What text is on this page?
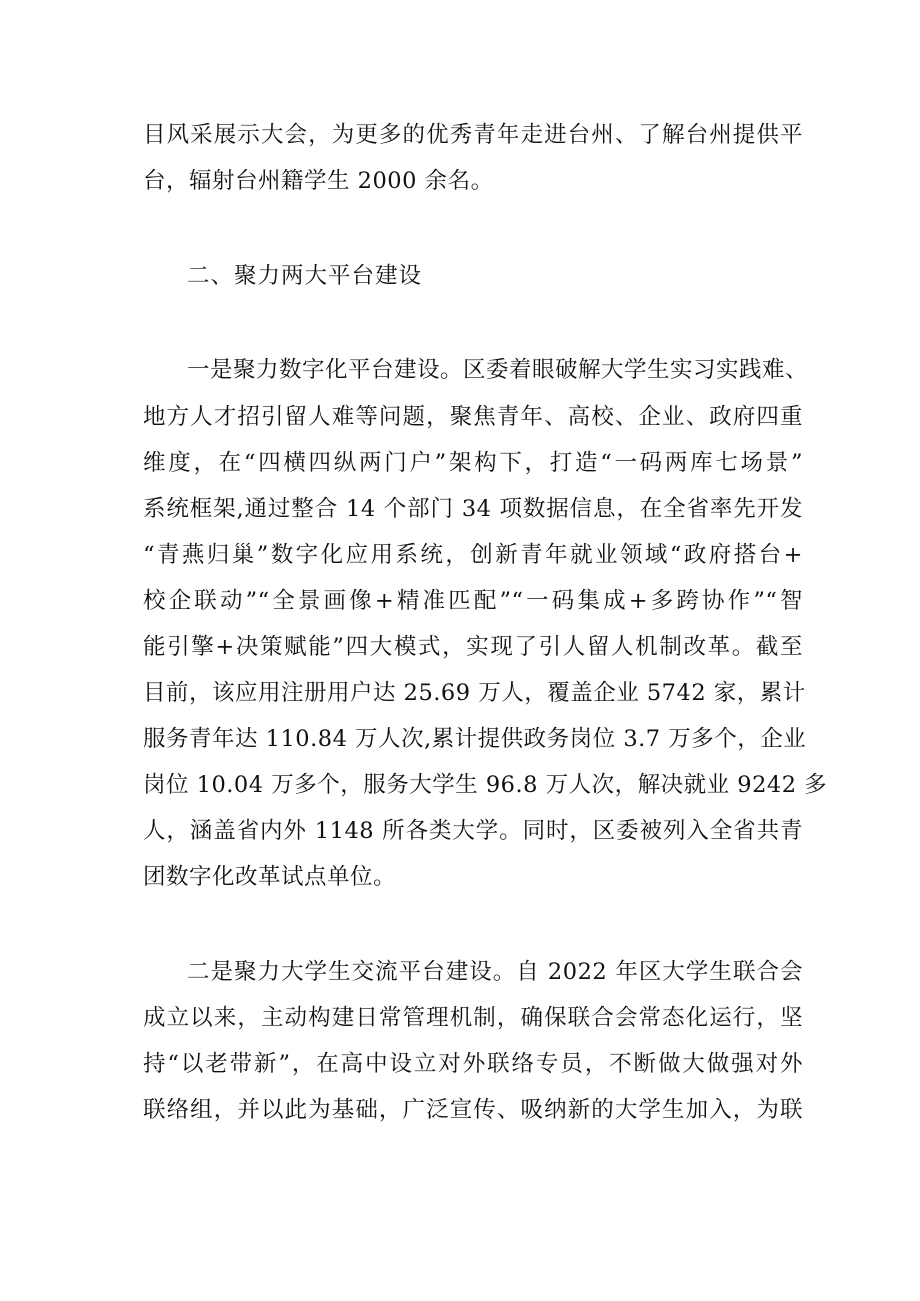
目风采展示大会，为更多的优秀青年走进台州、了解台州提供平

台，辐射台州籍学生 2000 余名。

二、聚力两大平台建设

一是聚力数字化平台建设。区委着眼破解大学生实习实践难、

地方人才招引留人难等问题，聚焦青年、高校、企业、政府四重

维度，在“四横四纵两门户”架构下，打造“一码两库七场景”

系统框架,通过整合 14 个部门 34 项数据信息，在全省率先开发

“青燕归巢”数字化应用系统，创新青年就业领域“政府搭台+

校企联动”“全景画像+精准匹配”“一码集成+多跨协作”“智

能引擎+决策赋能”四大模式，实现了引人留人机制改革。截至

目前，该应用注册用户达 25.69 万人，覆盖企业 5742 家，累计

服务青年达 110.84 万人次,累计提供政务岗位 3.7 万多个，企业

岗位 10.04 万多个，服务大学生 96.8 万人次，解决就业 9242 多

人，涵盖省内外 1148 所各类大学。同时，区委被列入全省共青

团数字化改革试点单位。

二是聚力大学生交流平台建设。自 2022 年区大学生联合会

成立以来，主动构建日常管理机制，确保联合会常态化运行，坚

持“以老带新”，在高中设立对外联络专员，不断做大做强对外

联络组，并以此为基础，广泛宣传、吸纳新的大学生加入，为联
